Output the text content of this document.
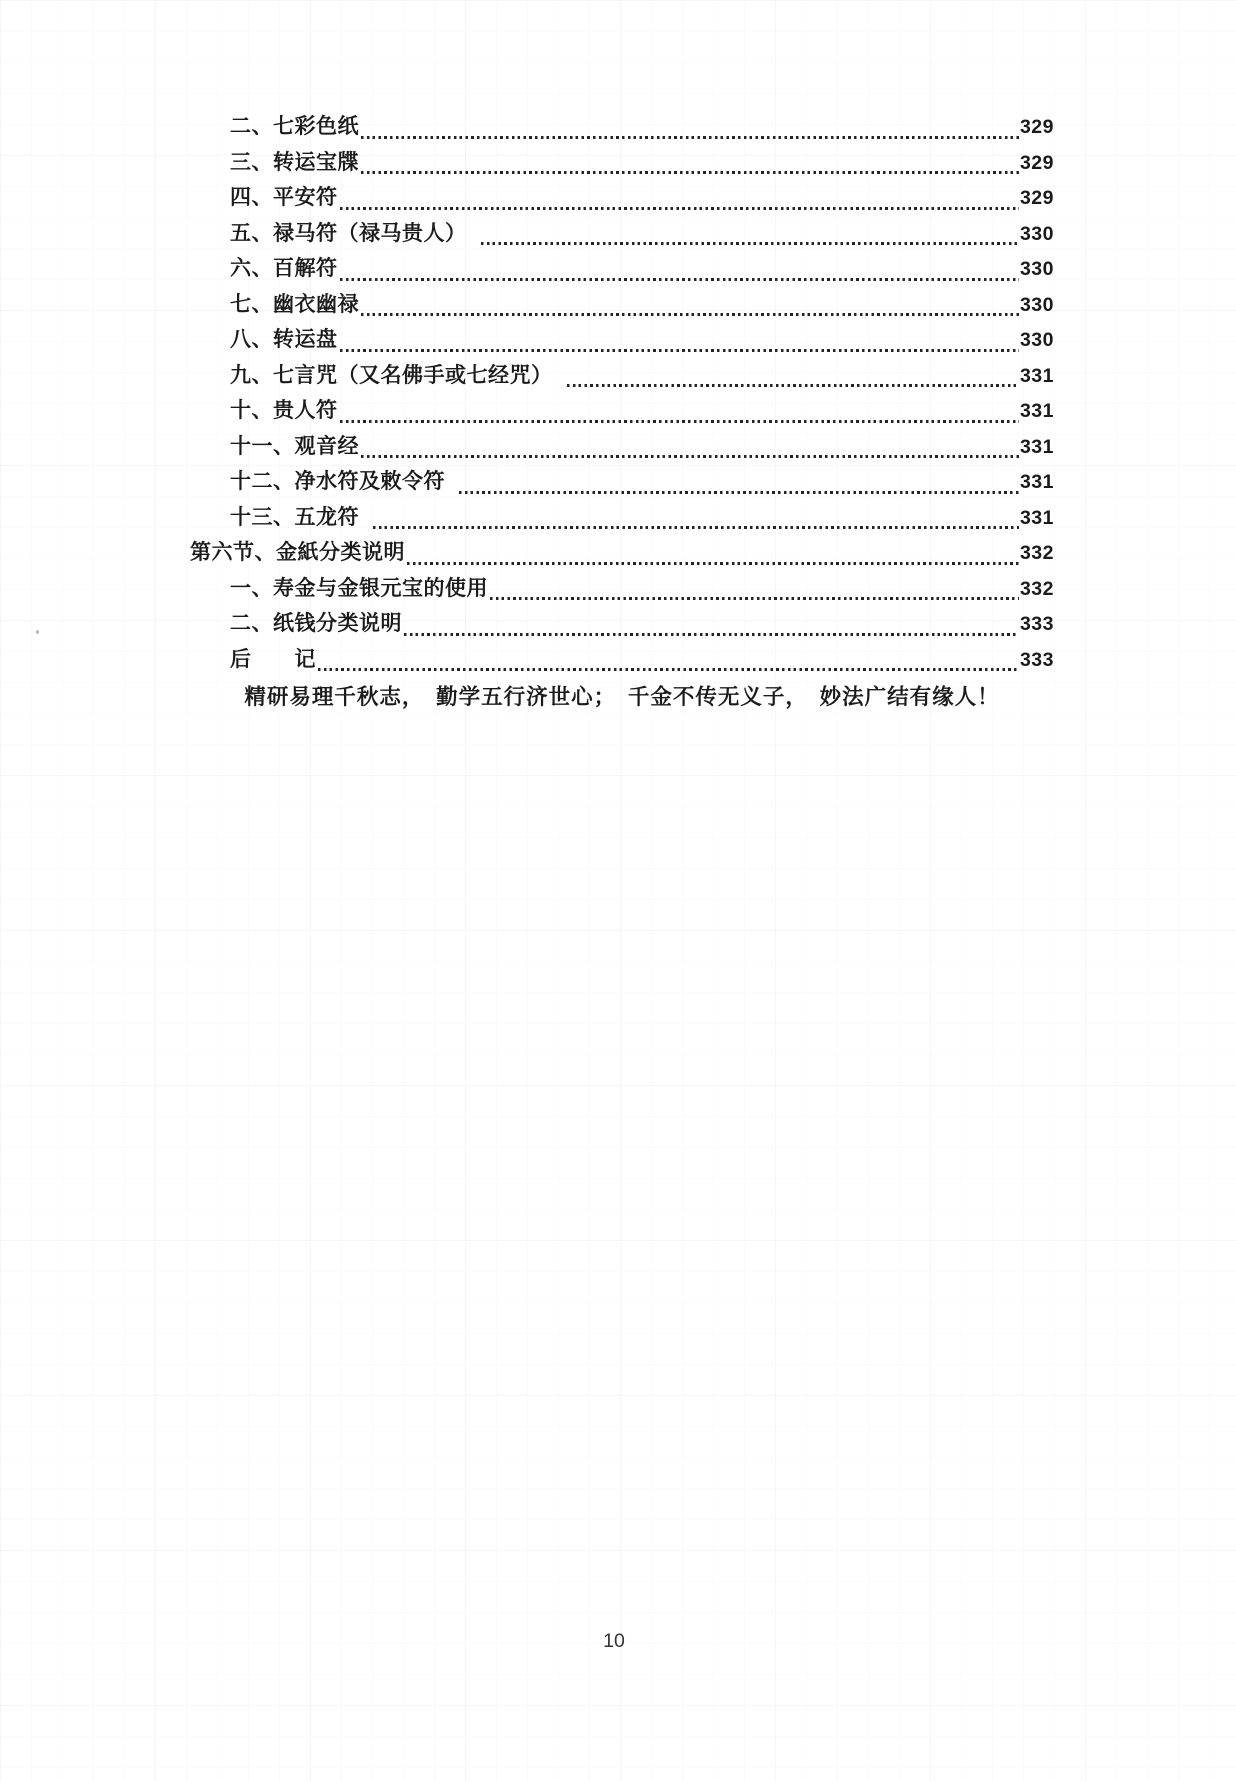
二、七彩色纸	329
三、转运宝牒	329
四、平安符	329
五、禄马符（禄马贵人）	330
六、百解符	330
七、幽衣幽禄	330
八、转运盘	330
九、七言咒（又名佛手或七经咒）	331
十、贵人符	331
十一、观音经	331
十二、净水符及敕令符	331
十三、五龙符	331
第六节、金紙分类说明	332
一、寿金与金银元宝的使用	332
二、纸钱分类说明	333
后　　记	333
精研易理千秋志，　勤学五行济世心；　千金不传无义子，　妙法广结有缘人！
10
